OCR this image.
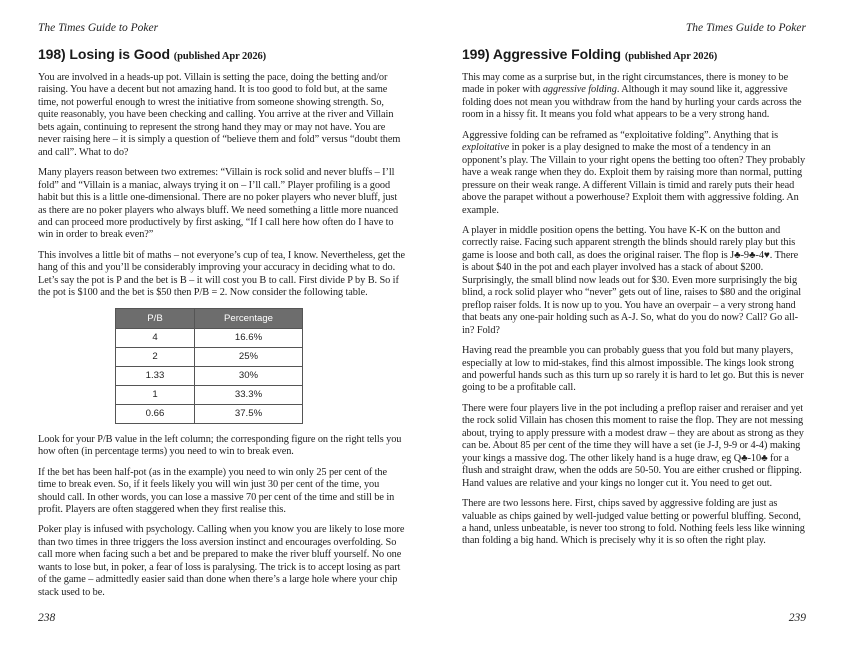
The Times Guide to Poker
198) Losing is Good (published Apr 2026)

You are involved in a heads-up pot. Villain is setting the pace, doing the betting and/or raising. You have a decent but not amazing hand. It is too good to fold but, at the same time, not powerful enough to wrest the initiative from someone showing strength. So, quite reasonably, you have been checking and calling. You arrive at the river and Villain bets again, continuing to represent the strong hand they may or may not have. You are never raising here – it is simply a question of “believe them and fold” versus “doubt them and call”. What to do?

Many players reason between two extremes: “Villain is rock solid and never bluffs – I’ll fold” and “Villain is a maniac, always trying it on – I’ll call.” Player profiling is a good habit but this is a little one-dimensional. There are no poker players who never bluff, just as there are no poker players who always bluff. We need something a little more nuanced and can proceed more productively by first asking, “If I call here how often do I have to win in order to break even?”

This involves a little bit of maths – not everyone’s cup of tea, I know. Nevertheless, get the hang of this and you’ll be considerably improving your accuracy in deciding what to do. Let’s say the pot is P and the bet is B – it will cost you B to call. First divide P by B. So if the pot is $100 and the bet is $50 then P/B = 2. Now consider the following table.

P/B	Percentage
4	16.6%
2	25%
1.33	30%
1	33.3%
0.66	37.5%

Look for your P/B value in the left column; the corresponding figure on the right tells you how often (in percentage terms) you need to win to break even.

If the bet has been half-pot (as in the example) you need to win only 25 per cent of the time to break even. So, if it feels likely you will win just 30 per cent of the time, you should call. In other words, you can lose a massive 70 per cent of the time and still be in profit. Players are often staggered when they first realise this.

Poker play is infused with psychology. Calling when you know you are likely to lose more than two times in three triggers the loss aversion instinct and encourages overfolding. So call more when facing such a bet and be prepared to make the river bluff yourself. No one wants to lose but, in poker, a fear of loss is paralysing. The trick is to accept losing as part of the game – admittedly easier said than done when there’s a large hole where your chip stack used to be.

238
The Times Guide to Poker
199) Aggressive Folding (published Apr 2026)

This may come as a surprise but, in the right circumstances, there is money to be made in poker with aggressive folding. Although it may sound like it, aggressive folding does not mean you withdraw from the hand by hurling your cards across the room in a hissy fit. It means you fold what appears to be a very strong hand.

Aggressive folding can be reframed as “exploitative folding”. Anything that is exploitative in poker is a play designed to make the most of a tendency in an opponent’s play. The Villain to your right opens the betting too often? They probably have a weak range when they do. Exploit them by raising more than normal, putting pressure on their weak range. A different Villain is timid and rarely puts their head above the parapet without a powerhouse? Exploit them with aggressive folding. An example.

A player in middle position opens the betting. You have K-K on the button and correctly raise. Facing such apparent strength the blinds should rarely play but this game is loose and both call, as does the original raiser. The flop is J♣-9♣-4♥. There is about $40 in the pot and each player involved has a stack of about $200. Surprisingly, the small blind now leads out for $30. Even more surprisingly the big blind, a rock solid player who “never” gets out of line, raises to $80 and the original preflop raiser folds. It is now up to you. You have an overpair – a very strong hand that beats any one-pair holding such as A-J. So, what do you do now? Call? Go all-in? Fold?

Having read the preamble you can probably guess that you fold but many players, especially at low to mid-stakes, find this almost impossible. The kings look strong and powerful hands such as this turn up so rarely it is hard to let go. But this is never going to be a profitable call.

There were four players live in the pot including a preflop raiser and reraiser and yet the rock solid Villain has chosen this moment to raise the flop. They are not messing about, trying to apply pressure with a modest draw – they are about as strong as they can be. About 85 per cent of the time they will have a set (ie J-J, 9-9 or 4-4) making your kings a massive dog. The other likely hand is a huge draw, eg Q♣-10♣ for a flush and straight draw, when the odds are 50-50. You are either crushed or flipping. Hand values are relative and your kings no longer cut it. You need to get out.

There are two lessons here. First, chips saved by aggressive folding are just as valuable as chips gained by well-judged value betting or powerful bluffing. Second, a hand, unless unbeatable, is never too strong to fold. Nothing feels less like winning than folding a big hand. Which is precisely why it is so often the right play.

239
